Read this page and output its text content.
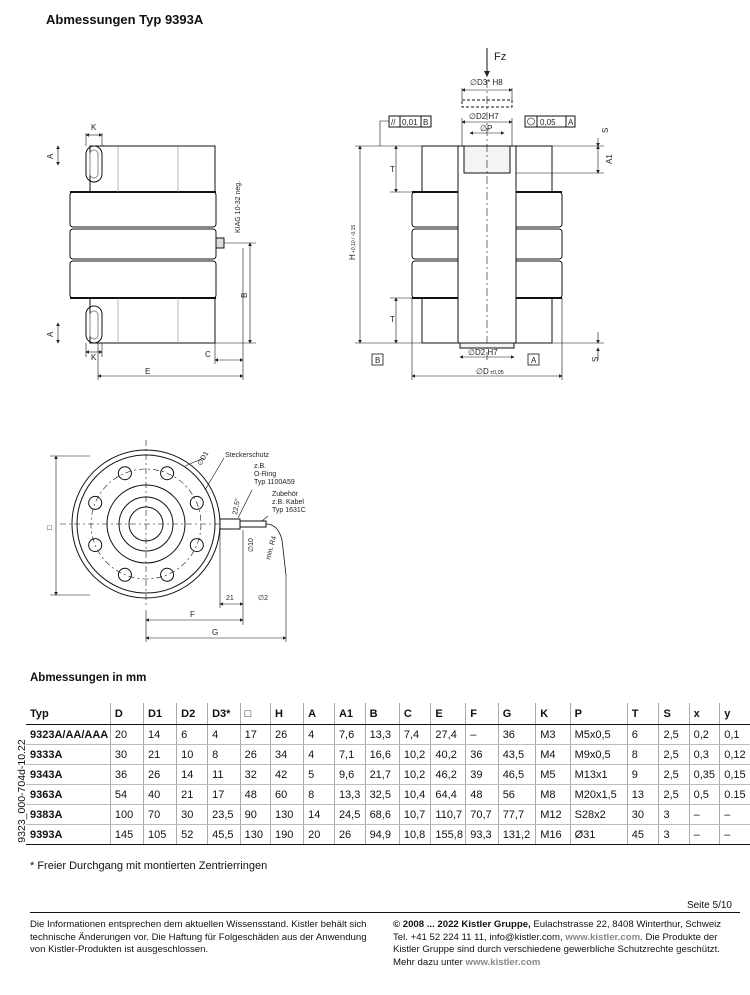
Abmessungen Typ 9393A
Fz
∅D3* H8
∅D2 H7
∅P
// 0,01 B	0,05 A
B	A
∅D2 H7
∅D ±0,05
T
T
H
+0,10 / -0,15
S
A1
S
K
K
A
A
B
C
E
KIAG 10-32 neg.
∅D1 Steckerschutz
z.B.
O-Ring
Typ 1100A59
Zubehör
z.B. Kabel
Typ 1631C
22,5°
∅10 min. R4
21	∅2
F
G
□
Abmessungen in mm
Typ	D	D1	D2	D3*	□	H	A	A1	B	C	E	F	G	K	P	T	S	x	y
9323A/AA/AAA	20	14	6	4	17	26	4	7,6	13,3	7,4	27,4	–	36	M3	M5x0,5	6	2,5	0,2	0,1
9333A	30	21	10	8	26	34	4	7,1	16,6	10,2	40,2	36	43,5	M4	M9x0,5	8	2,5	0,3	0,12
9343A	36	26	14	11	32	42	5	9,6	21,7	10,2	46,2	39	46,5	M5	M13x1	9	2,5	0,35	0,15
9363A	54	40	21	17	48	60	8	13,3	32,5	10,4	64,4	48	56	M8	M20x1,5	13	2,5	0,5	0.15
9383A	100	70	30	23,5	90	130	14	24,5	68,6	10,7	110,7	70,7	77,7	M12	S28x2	30	3	–	–
9393A	145	105	52	45,5	130	190	20	26	94,9	10,8	155,8	93,3	131,2	M16	Ø31	45	3	–	–
9323_000-704d-10.22
* Freier Durchgang mit montierten Zentrierringen
Seite 5/10
Die Informationen entsprechen dem aktuellen Wissensstand. Kistler behält sich technische Änderungen vor. Die Haftung für Folgeschäden aus der Anwendung von Kistler-Produkten ist ausgeschlossen.
© 2008 ... 2022 Kistler Gruppe, Eulachstrasse 22, 8408 Winterthur, Schweiz
Tel. +41 52 224 11 11, info@kistler.com, www.kistler.com. Die Produkte der Kistler Gruppe sind durch verschiedene gewerbliche Schutzrechte geschützt. Mehr dazu unter www.kistler.com
